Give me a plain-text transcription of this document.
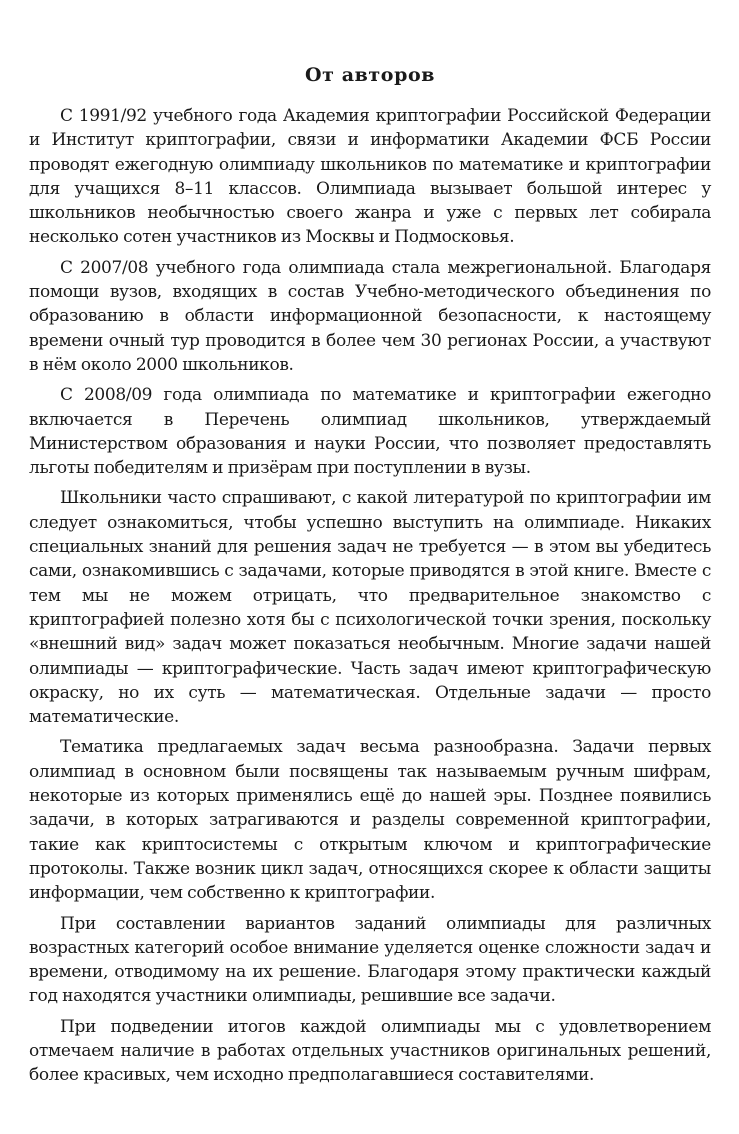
От авторов

С 1991/92 учебного года Академия криптографии Российской Федерации и Институт криптографии, связи и информатики Академии ФСБ России проводят ежегодную олимпиаду школьников по математике и криптографии для учащихся 8–11 классов. Олимпиада вызывает большой интерес у школьников необычностью своего жанра и уже с первых лет собирала несколько сотен участников из Москвы и Подмосковья.

С 2007/08 учебного года олимпиада стала межрегиональной. Благодаря помощи вузов, входящих в состав Учебно-методического объединения по образованию в области информационной безопасности, к настоящему времени очный тур проводится в более чем 30 регионах России, а участвуют в нём около 2000 школьников.

С 2008/09 года олимпиада по математике и криптографии ежегодно включается в Перечень олимпиад школьников, утверждаемый Министерством образования и науки России, что позволяет предоставлять льготы победителям и призёрам при поступлении в вузы.

Школьники часто спрашивают, с какой литературой по криптографии им следует ознакомиться, чтобы успешно выступить на олимпиаде. Никаких специальных знаний для решения задач не требуется — в этом вы убедитесь сами, ознакомившись с задачами, которые приводятся в этой книге. Вместе с тем мы не можем отрицать, что предварительное знакомство с криптографией полезно хотя бы с психологической точки зрения, поскольку «внешний вид» задач может показаться необычным. Многие задачи нашей олимпиады — криптографические. Часть задач имеют криптографическую окраску, но их суть — математическая. Отдельные задачи — просто математические.

Тематика предлагаемых задач весьма разнообразна. Задачи первых олимпиад в основном были посвящены так называемым ручным шифрам, некоторые из которых применялись ещё до нашей эры. Позднее появились задачи, в которых затрагиваются и разделы современной криптографии, такие как криптосистемы с открытым ключом и криптографические протоколы. Также возник цикл задач, относящихся скорее к области защиты информации, чем собственно к криптографии.

При составлении вариантов заданий олимпиады для различных возрастных категорий особое внимание уделяется оценке сложности задач и времени, отводимому на их решение. Благодаря этому практически каждый год находятся участники олимпиады, решившие все задачи.

При подведении итогов каждой олимпиады мы с удовлетворением отмечаем наличие в работах отдельных участников оригинальных решений, более красивых, чем исходно предполагавшиеся составителями.
